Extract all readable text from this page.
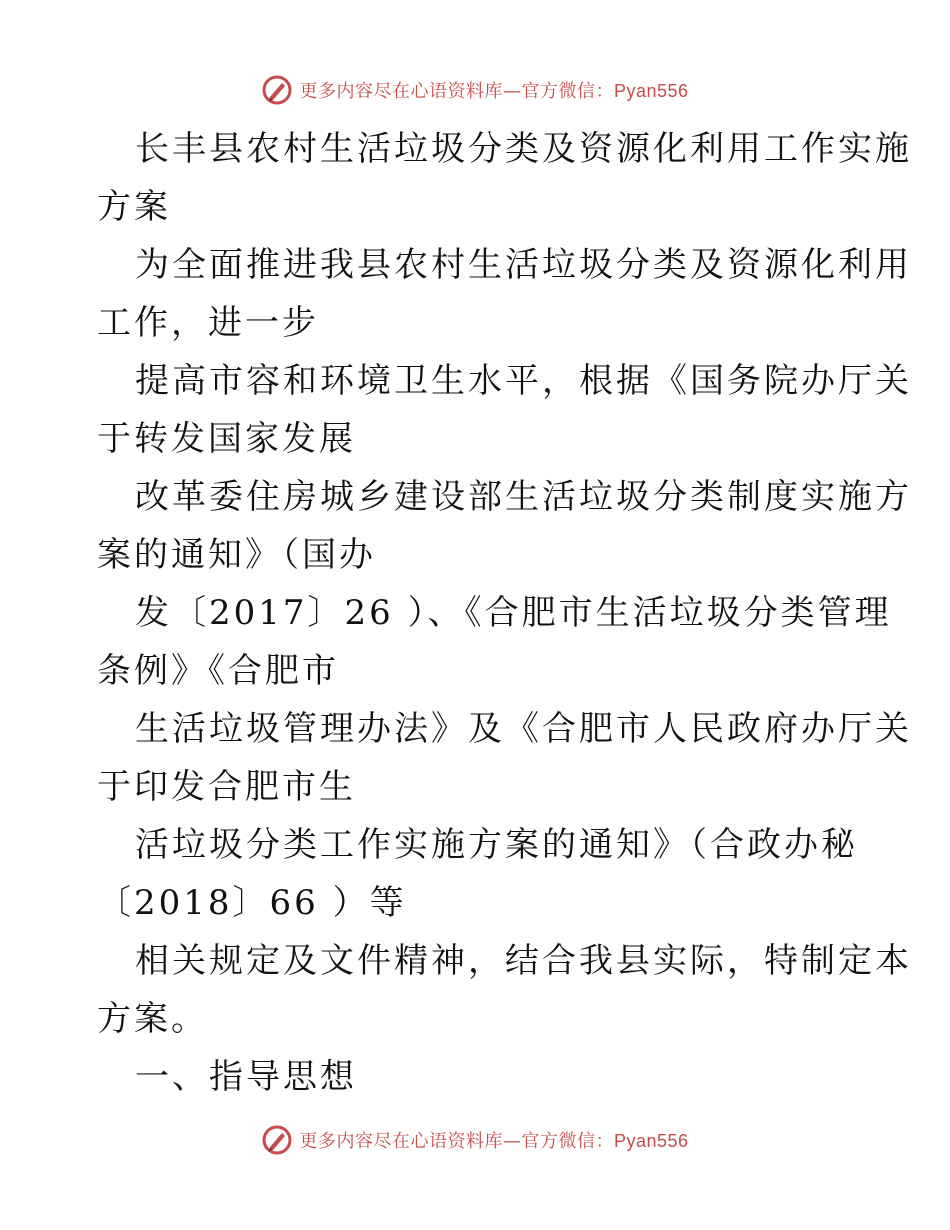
更多内容尽在心语资料库—官方微信：Pyan556

长丰县农村生活垃圾分类及资源化利用工作实施
方案

为全面推进我县农村生活垃圾分类及资源化利用
工作，进一步

提高市容和环境卫生水平，根据《国务院办厅关
于转发国家发展

改革委住房城乡建设部生活垃圾分类制度实施方
案的通知》（国办

发〔2017〕26 ）、《合肥市生活垃圾分类管理
条例》《合肥市

生活垃圾管理办法》及《合肥市人民政府办厅关
于印发合肥市生

活垃圾分类工作实施方案的通知》（合政办秘
〔2018〕66 ）等

相关规定及文件精神，结合我县实际，特制定本
方案。

一、指导思想

更多内容尽在心语资料库—官方微信：Pyan556
